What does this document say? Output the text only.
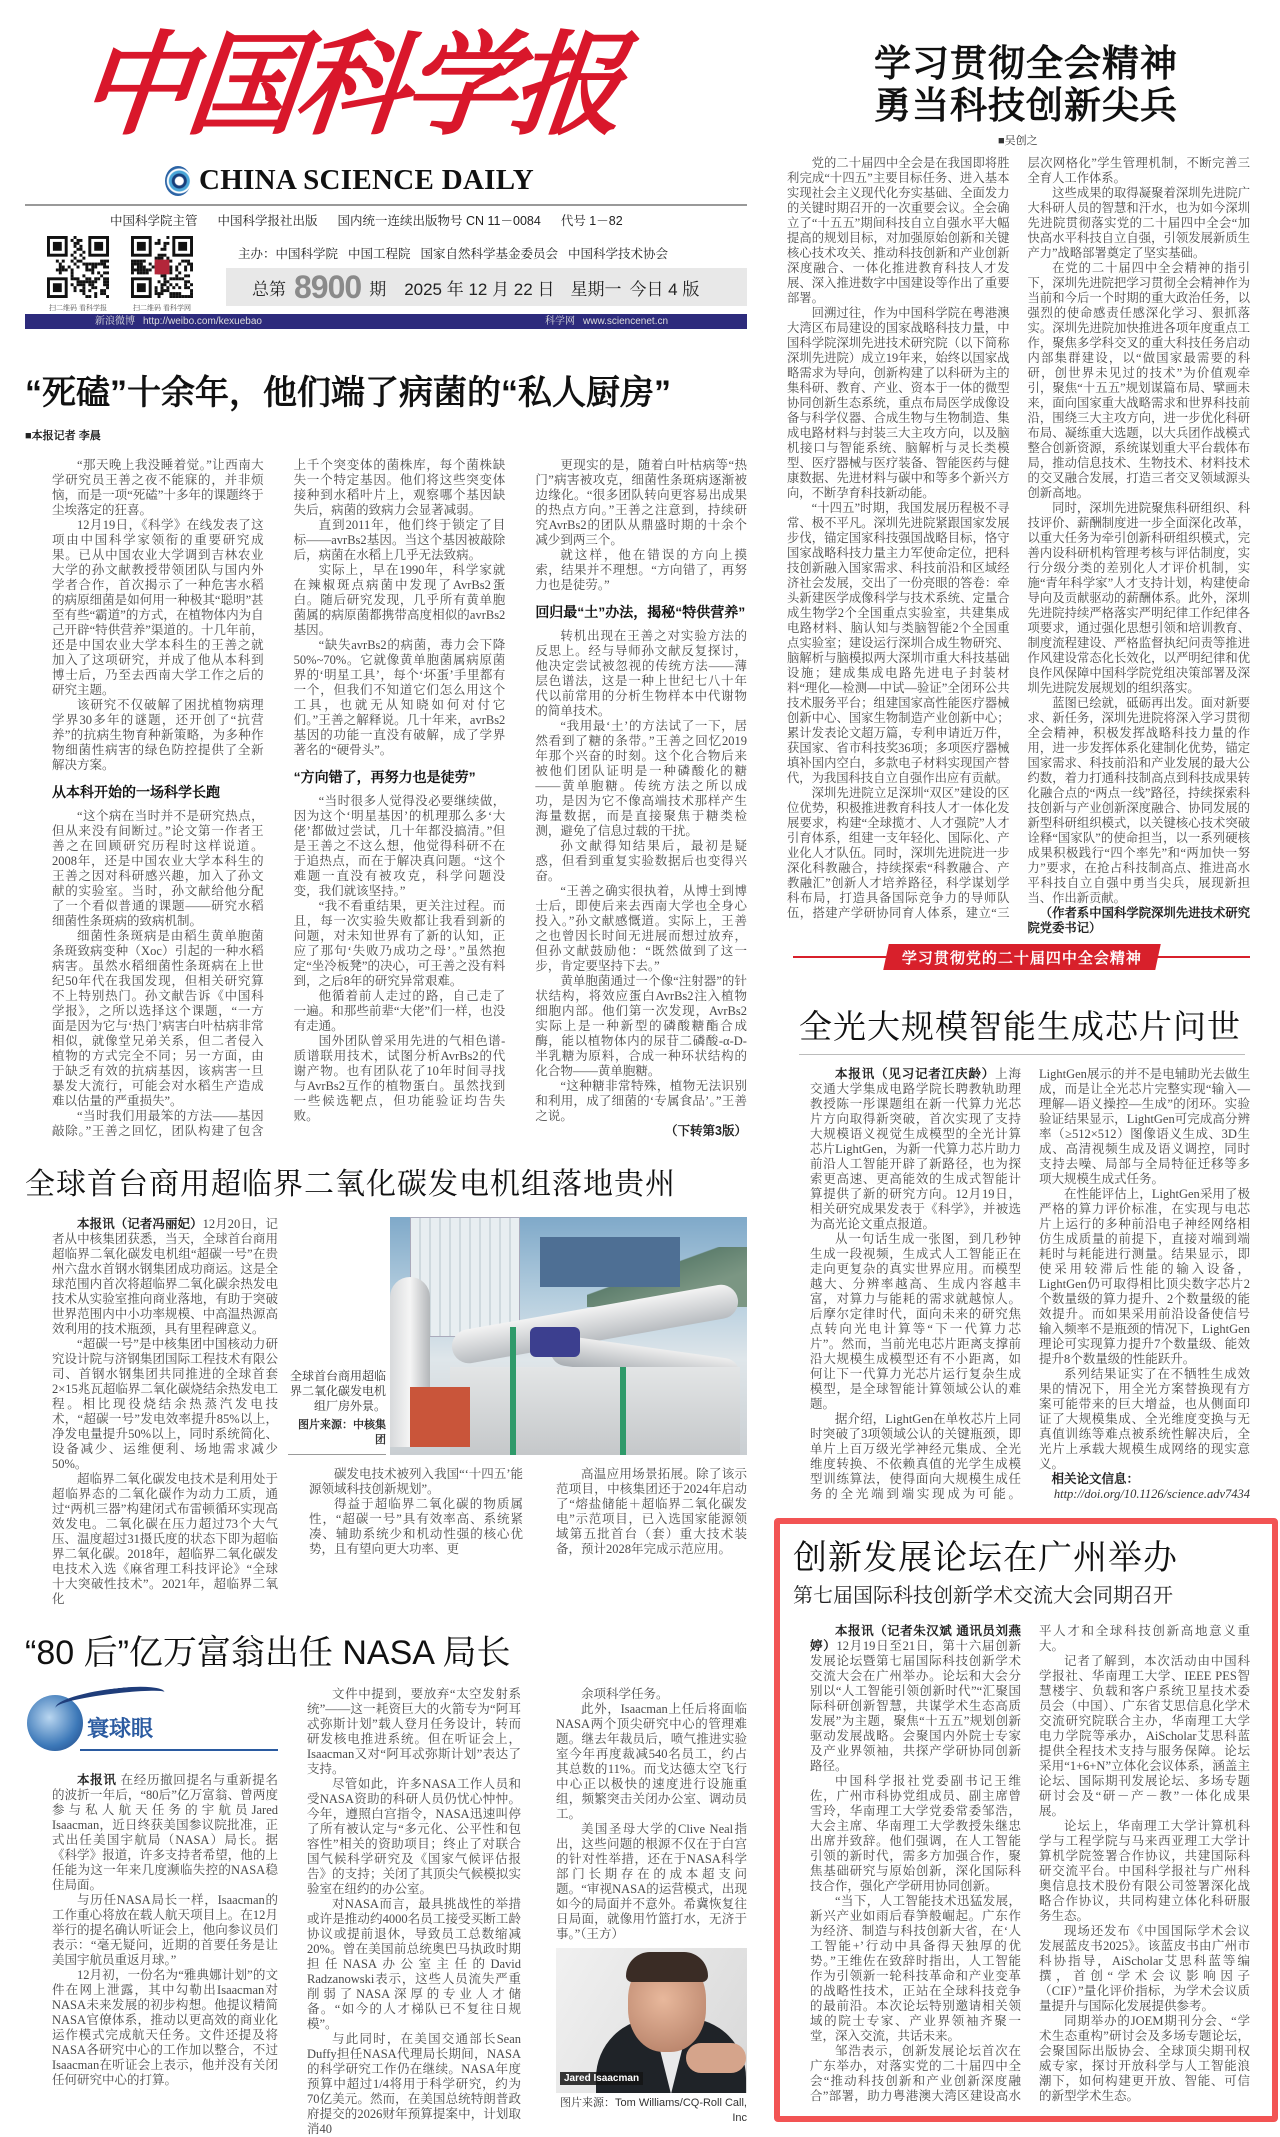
中国科学报
CHINA SCIENCE DAILY
中国科学院主管 中国科学报社出版 国内统一连续出版物号 CN 11－0084 代号 1－82
扫二维码 看科学报	扫二维码 看科学网
主办：中国科学院 中国工程院 国家自然科学基金委员会 中国科学技术协会
总第 8900 期 2025 年 12 月 22 日 星期一 今日 4 版
新浪微博 http://weibo.com/kexuebao	科学网 www.sciencenet.cn
“死磕”十余年，他们端了病菌的“私人厨房”
■本报记者 李晨

“那天晚上我没睡着觉。”让西南大学研究员王善之夜不能寐的，并非烦恼，而是一项“死磕”十多年的课题终于尘埃落定的狂喜。

12月19日，《科学》在线发表了这项由中国科学家领衔的重要研究成果。已从中国农业大学调到吉林农业大学的孙文献教授带领团队与国内外学者合作，首次揭示了一种危害水稻的病原细菌是如何用一种极其“聪明”甚至有些“霸道”的方式，在植物体内为自己开辟“特供营养”渠道的。十几年前，还是中国农业大学本科生的王善之就加入了这项研究，并成了他从本科到博士后，乃至去西南大学工作之后的研究主题。

该研究不仅破解了困扰植物病理学界30多年的谜题，还开创了“抗营养”的抗病生物育种新策略，为多种作物细菌性病害的绿色防控提供了全新解决方案。

从本科开始的一场科学长跑

“这个病在当时并不是研究热点，但从来没有间断过。”论文第一作者王善之在回顾研究历程时这样说道。2008年，还是中国农业大学本科生的王善之因对科研感兴趣，加入了孙文献的实验室。当时，孙文献给他分配了一个看似普通的课题——研究水稻细菌性条斑病的致病机制。

细菌性条斑病是由稻生黄单胞菌条斑致病变种（Xoc）引起的一种水稻病害。虽然水稻细菌性条斑病在上世纪50年代在我国发现，但相关研究算不上特别热门。孙文献告诉《中国科学报》，之所以选择这个课题，“一方面是因为它与‘热门’病害白叶枯病非常相似，就像堂兄弟关系，但二者侵入植物的方式完全不同；另一方面，由于缺乏有效的抗病基因，该病害一旦暴发大流行，可能会对水稻生产造成难以估量的严重损失”。

“当时我们用最笨的方法——基因敲除。”王善之回忆，团队构建了包含上千个突变体的菌株库，每个菌株缺失一个特定基因。他们将这些突变体接种到水稻叶片上，观察哪个基因缺失后，病菌的致病力会显著减弱。

直到2011年，他们终于锁定了目标——avrBs2基因。当这个基因被敲除后，病菌在水稻上几乎无法致病。

实际上，早在1990年，科学家就在辣椒斑点病菌中发现了AvrBs2蛋白。随后研究发现，几乎所有黄单胞菌属的病原菌都携带高度相似的avrBs2基因。

“缺失avrBs2的病菌，毒力会下降50%~70%。它就像黄单胞菌属病原菌界的‘明星工具’，每个‘坏蛋’手里都有一个，但我们不知道它们怎么用这个工具，也就无从知晓如何对付它们。”王善之解释说。几十年来，avrBs2基因的功能一直没有破解，成了学界著名的“硬骨头”。

“方向错了，再努力也是徒劳”

“当时很多人觉得没必要继续做，因为这个‘明星基因’的机理那么多‘大佬’都做过尝试，几十年都没搞清。”但是王善之不这么想，他觉得科研不在于追热点，而在于解决真问题。“这个难题一直没有被攻克，科学问题没变，我们就该坚持。”

“我不看重结果，更关注过程。而且，每一次实验失败都让我看到新的问题，对未知世界有了新的认知，正应了那句‘失败乃成功之母’。”虽然抱定“坐冷板凳”的决心，可王善之没有料到，之后8年的研究异常艰难。

他循着前人走过的路，自己走了一遍。和那些前辈“大佬”们一样，也没有走通。

国外团队曾采用先进的气相色谱-质谱联用技术，试图分析AvrBs2的代谢产物。也有团队花了10年时间寻找与AvrBs2互作的植物蛋白。虽然找到一些候选靶点，但功能验证均告失败。

更现实的是，随着白叶枯病等“热门”病害被攻克，细菌性条斑病逐渐被边缘化。“很多团队转向更容易出成果的热点方向。”王善之注意到，持续研究AvrBs2的团队从鼎盛时期的十余个减少到两三个。

就这样，他在错误的方向上摸索，结果并不理想。“方向错了，再努力也是徒劳。”

回归最“土”办法，揭秘“特供营养”

转机出现在王善之对实验方法的反思上。经与导师孙文献反复探讨，他决定尝试被忽视的传统方法——薄层色谱法，这是一种上世纪七八十年代以前常用的分析生物样本中代谢物的简单技术。

“我用最‘土’的方法试了一下，居然看到了糖的条带。”王善之回忆2019年那个兴奋的时刻。这个化合物后来被他们团队证明是一种磷酸化的糖——黄单胞糖。传统方法之所以成功，是因为它不像高端技术那样产生海量数据，而是直接聚焦于糖类检测，避免了信息过载的干扰。

孙文献得知结果后，最初是疑惑，但看到重复实验数据后也变得兴奋。

“王善之确实很执着，从博士到博士后，即使后来去西南大学也全身心投入。”孙文献感慨道。实际上，王善之也曾因长时间无进展而想过放弃，但孙文献鼓励他：“既然做到了这一步，肯定要坚持下去。”

黄单胞菌通过一个像“注射器”的针状结构，将效应蛋白AvrBs2注入植物细胞内部。他们第一次发现，AvrBs2实际上是一种新型的磷酸糖酯合成酶，能以植物体内的尿苷二磷酸-α-D-半乳糖为原料，合成一种环状结构的化合物——黄单胞糖。

“这种糖非常特殊，植物无法识别和利用，成了细菌的‘专属食品’。”王善之说。

（下转第3版）

全球首台商用超临界二氧化碳发电机组落地贵州

本报讯（记者冯丽妃）12月20日，记者从中核集团获悉，当天，全球首台商用超临界二氧化碳发电机组“超碳一号”在贵州六盘水首钢水钢集团成功商运。这是全球范围内首次将超临界二氧化碳余热发电技术从实验室推向商业落地，有助于突破世界范围内中小功率规模、中高温热源高效利用的技术瓶颈，具有里程碑意义。

“超碳一号”是中核集团中国核动力研究设计院与济钢集团国际工程技术有限公司、首钢水钢集团共同推进的全球首套2×15兆瓦超临界二氧化碳烧结余热发电工程。相比现役烧结余热蒸汽发电技术，“超碳一号”发电效率提升85%以上，净发电量提升50%以上，同时系统简化、设备减少、运维便利、场地需求减少50%。

超临界二氧化碳发电技术是利用处于超临界态的二氧化碳作为动力工质，通过“两机三器”构建闭式布雷顿循环实现高效发电。二氧化碳在压力超过73个大气压、温度超过31摄氏度的状态下即为超临界二氧化碳。2018年，超临界二氧化碳发电技术入选《麻省理工科技评论》“全球十大突破性技术”。2021年，超临界二氧化

全球首台商用超临界二氧化碳发电机组厂房外景。
图片来源：中核集团

碳发电技术被列入我国“‘十四五’能源领域科技创新规划”。

得益于超临界二氧化碳的物质属性，“超碳一号”具有效率高、系统紧凑、辅助系统少和机动性强的核心优势，且有望向更大功率、更

高温应用场景拓展。除了该示范项目，中核集团还于2024年启动了“熔盐储能＋超临界二氧化碳发电”示范项目，已入选国家能源领域第五批首台（套）重大技术装备，预计2028年完成示范应用。

“80 后”亿万富翁出任 NASA 局长
寰球眼

本报讯 在经历撤回提名与重新提名的波折一年后，“80后”亿万富翁、曾两度参与私人航天任务的宇航员Jared Isaacman，近日终获美国参议院批准，正式出任美国宇航局（NASA）局长。据《科学》报道，许多支持者希望，他的上任能为这一年来几度濒临失控的NASA稳住局面。

与历任NASA局长一样，Isaacman的工作重心将放在载人航天项目上。在12月举行的提名确认听证会上，他向参议员们表示：“毫无疑问，近期的首要任务是让美国宇航员重返月球。”

12月初，一份名为“雅典娜计划”的文件在网上泄露，其中勾勒出Isaacman对NASA未来发展的初步构想。他提议精简NASA官僚体系，推动以更高效的商业化运作模式完成航天任务。文件还提及将NASA各研究中心的工作加以整合，不过Isaacman在听证会上表示，他并没有关闭任何研究中心的打算。

文件中提到，要放弃“太空发射系统”——这一耗资巨大的火箭专为“阿耳忒弥斯计划”载人登月任务设计，转而研发核电推进系统。但在听证会上，Isaacman又对“阿耳忒弥斯计划”表达了支持。

尽管如此，许多NASA工作人员和受NASA资助的科研人员仍忧心忡忡。今年，遵照白宫指令，NASA迅速叫停了所有被认定与“多元化、公平性和包容性”相关的资助项目；终止了对联合国气候科学研究及《国家气候评估报告》的支持；关闭了其顶尖气候模拟实验室在纽约的办公室。

对NASA而言，最具挑战性的举措或许是推动约4000名员工接受买断工龄协议或提前退休，导致员工总数缩减20%。曾在美国前总统奥巴马执政时期担任NASA办公室主任的David Radzanowski表示，这些人员流失严重削弱了NASA深厚的专业人才储备。“如今的人才梯队已不复往日规模”。

与此同时，在美国交通部长Sean Duffy担任NASA代理局长期间，NASA的科学研究工作仍在继续。NASA年度预算中超过1/4将用于科学研究，约为70亿美元。然而，在美国总统特朗普政府提交的2026财年预算提案中，计划取消40

余项科学任务。

此外，Isaacman上任后将面临NASA两个顶尖研究中心的管理难题。继去年裁员后，喷气推进实验室今年再度裁减540名员工，约占其总数的11%。而戈达德太空飞行中心正以极快的速度进行设施重组，频繁突击关闭办公室、调动员工。

美国圣母大学的Clive Neal指出，这些问题的根源不仅在于白宫的针对性举措，还在于NASA科学部门长期存在的成本超支问题。“审视NASA的运营模式，出现如今的局面并不意外。希冀恢复往日局面，就像用竹篮打水，无济于事。”（王方）

Jared Isaacman
图片来源：Tom Williams/CQ-Roll Call, Inc
学习贯彻全会精神
勇当科技创新尖兵
■吴创之

党的二十届四中全会是在我国即将胜利完成“十四五”主要目标任务、进入基本实现社会主义现代化夯实基础、全面发力的关键时期召开的一次重要会议。全会确立了“十五五”期间科技自立自强水平大幅提高的规划目标，对加强原始创新和关键核心技术攻关、推动科技创新和产业创新深度融合、一体化推进教育科技人才发展、深入推进数字中国建设等作出了重要部署。

回溯过往，作为中国科学院在粤港澳大湾区布局建设的国家战略科技力量，中国科学院深圳先进技术研究院（以下简称深圳先进院）成立19年来，始终以国家战略需求为导向，创新构建了以科研为主的集科研、教育、产业、资本于一体的微型协同创新生态系统，重点布局医学成像设备与科学仪器、合成生物与生物制造、集成电路材料与封装三大主攻方向，以及脑机接口与智能系统、脑解析与灵长类模型、医疗器械与医疗装备、智能医药与健康数据、先进材料与碳中和等多个新兴方向，不断孕育科技新动能。

“十四五”时期，我国发展历程极不寻常、极不平凡。深圳先进院紧跟国家发展步伐，锚定国家科技强国战略目标，恪守国家战略科技力量主力军使命定位，把科技创新融入国家需求、科技前沿和区域经济社会发展，交出了一份亮眼的答卷：牵头新建医学成像科学与技术系统、定量合成生物学2个全国重点实验室，共建集成电路材料、脑认知与类脑智能2个全国重点实验室；建设运行深圳合成生物研究、脑解析与脑模拟两大深圳市重大科技基础设施；建成集成电路先进电子封装材料“理化—检测—中试—验证”全闭环公共技术服务平台；组建国家高性能医疗器械创新中心、国家生物制造产业创新中心；累计发表论文超万篇，专利申请近万件，获国家、省市科技奖36项；多项医疗器械填补国内空白，多款电子材料实现国产替代，为我国科技自立自强作出应有贡献。

深圳先进院立足深圳“双区”建设的区位优势，积极推进教育科技人才一体化发展要求，构建“全球揽才、人才强院”人才引育体系，组建一支年轻化、国际化、产业化人才队伍。同时，深圳先进院进一步深化科教融合，持续探索“科教融合、产教融汇”创新人才培养路径，科学谋划学科布局，打造具备国际竞争力的导师队伍，搭建产学研协同育人体系，建立“三层次网格化”学生管理机制，不断完善三全育人工作体系。

这些成果的取得凝聚着深圳先进院广大科研人员的智慧和汗水，也为如今深圳先进院贯彻落实党的二十届四中全会“加快高水平科技自立自强，引领发展新质生产力”战略部署奠定了坚实基础。

在党的二十届四中全会精神的指引下，深圳先进院把学习贯彻全会精神作为当前和今后一个时期的重大政治任务，以强烈的使命感责任感深化学习、狠抓落实。深圳先进院加快推进各项年度重点工作，聚焦多学科交叉的重大科技任务启动内部集群建设，以“做国家最需要的科研，创世界未见过的技术”为价值观牵引，聚焦“十五五”规划谋篇布局、擘画未来，面向国家重大战略需求和世界科技前沿，围绕三大主攻方向，进一步优化科研布局、凝练重大选题，以大兵团作战模式整合创新资源，系统谋划重大平台载体布局，推动信息技术、生物技术、材料技术的交叉融合发展，打造三者交叉领域源头创新高地。

同时，深圳先进院聚焦科研组织、科技评价、薪酬制度进一步全面深化改革，以重大任务为牵引创新科研组织模式，完善内设科研机构管理考核与评估制度，实行分级分类的差别化人才评价机制，实施“青年科学家”人才支持计划，构建使命导向及贡献驱动的薪酬体系。此外，深圳先进院持续严格落实严明纪律工作纪律各项要求，通过强化思想引领和培训教育、制度流程建设、严格监督执纪问责等推进作风建设常态化长效化，以严明纪律和优良作风保障中国科学院党组决策部署及深圳先进院发展规划的组织落实。

蓝图已绘就，砥砺再出发。面对新要求、新任务，深圳先进院将深入学习贯彻全会精神，积极发挥战略科技力量的作用，进一步发挥体系化建制化优势，锚定国家需求、科技前沿和产业发展的最大公约数，着力打通科技制高点到科技成果转化融合点的“两点一线”路径，持续探索科技创新与产业创新深度融合、协同发展的新型科研组织模式，以关键核心技术突破诠释“国家队”的使命担当，以一系列硬核成果积极践行“四个率先”和“两加快一努力”要求，在抢占科技制高点、推进高水平科技自立自强中勇当尖兵，展现新担当、作出新贡献。

（作者系中国科学院深圳先进技术研究院党委书记）

学习贯彻党的二十届四中全会精神
全光大规模智能生成芯片问世

本报讯（见习记者江庆龄）上海交通大学集成电路学院长聘教轨助理教授陈一彤课题组在新一代算力光芯片方向取得新突破，首次实现了支持大规模语义视觉生成模型的全光计算芯片LightGen，为新一代算力芯片助力前沿人工智能开辟了新路径，也为探索更高速、更高能效的生成式智能计算提供了新的研究方向。12月19日，相关研究成果发表于《科学》，并被选为高光论文重点报道。

从一句话生成一张图，到几秒钟生成一段视频，生成式人工智能正在走向更复杂的真实世界应用。而模型越大、分辨率越高、生成内容越丰富，对算力与能耗的需求就越惊人。后摩尔定律时代，面向未来的研究焦点转向光电计算等“下一代算力芯片”。然而，当前光电芯片距离支撑前沿大规模生成模型还有不小距离，如何让下一代算力光芯片运行复杂生成模型，是全球智能计算领域公认的难题。

据介绍，LightGen在单枚芯片上同时突破了3项领域公认的关键瓶颈，即单片上百万级光学神经元集成、全光维度转换、不依赖真值的光学生成模型训练算法，使得面向大规模生成任务的全光端到端实现成为可能。LightGen展示的并不是电辅助光去做生成，而是让全光芯片完整实现“输入—理解—语义操控—生成”的闭环。实验验证结果显示，LightGen可完成高分辨率（≥512×512）图像语义生成、3D生成、高清视频生成及语义调控，同时支持去噪、局部与全局特征迁移等多项大规模生成式任务。

在性能评估上，LightGen采用了极严格的算力评价标准，在实现与电芯片上运行的多种前沿电子神经网络相仿生成质量的前提下，直接对端到端耗时与耗能进行测量。结果显示，即使采用较滞后性能的输入设备，LightGen仍可取得相比顶尖数字芯片2个数量级的算力提升、2个数量级的能效提升。而如果采用前沿设备使信号输入频率不是瓶颈的情况下，LightGen理论可实现算力提升7个数量级、能效提升8个数量级的性能跃升。

系列结果证实了在不牺牲生成效果的情况下，用全光方案替换现有方案可能带来的巨大增益，也从侧面印证了大规模集成、全光维度变换与无真值训练等难点被系统性解决后，全光片上承载大规模生成网络的现实意义。

相关论文信息：

http://doi.org/10.1126/science.adv7434

创新发展论坛在广州举办
第七届国际科技创新学术交流大会同期召开

本报讯（记者朱汉斌 通讯员刘燕婷）12月19日至21日，第十六届创新发展论坛暨第七届国际科技创新学术交流大会在广州举办。论坛和大会分别以“人工智能引领创新时代”“汇聚国际科研创新智慧，共谋学术生态高质发展”为主题，聚焦“十五五”规划创新驱动发展战略。会聚国内外院士专家及产业界领袖，共探产学研协同创新路径。

中国科学报社党委副书记王维佐，广州市科协党组成员、副主席曾雪玲，华南理工大学党委常委邹浩，大会主席、华南理工大学教授朱继忠出席并致辞。他们强调，在人工智能引领的新时代，需多方加强合作，聚焦基础研究与原始创新，深化国际科技合作，强化产学研用协同创新。

“当下，人工智能技术迅猛发展，新兴产业如雨后春笋般崛起。广东作为经济、制造与科技创新大省，在‘人工智能+’行动中具备得天独厚的优势。”王维佐在致辞时指出，人工智能作为引领新一轮科技革命和产业变革的战略性技术，正站在全球科技竞争的最前沿。本次论坛特别邀请相关领域的院士专家、产业界领袖齐聚一堂，深入交流，共话未来。

邹浩表示，创新发展论坛首次在广东举办，对落实党的二十届四中全会“推动科技创新和产业创新深度融合”部署，助力粤港澳大湾区建设高水平人才和全球科技创新高地意义重大。

记者了解到，本次活动由中国科学报社、华南理工大学、IEEE PES智慧楼宇、负载和客户系统卫星技术委员会（中国）、广东省艾思信息化学术交流研究院联合主办，华南理工大学电力学院等承办，AiScholar艾思科蓝提供全程技术支持与服务保障。论坛采用“1+6+N”立体化会议体系，涵盖主论坛、国际期刊发展论坛、多场专题研讨会及“研－产－教”一体化成果展。

论坛上，华南理工大学计算机科学与工程学院与马来西亚理工大学计算机学院签署合作协议，共建国际科研交流平台。中国科学报社与广州科奥信息技术股份有限公司签署深化战略合作协议，共同构建立体化科研服务生态。

现场还发布《中国国际学术会议发展蓝皮书2025》。该蓝皮书由广州市科协指导，AiScholar艾思科蓝等编撰，首创“学术会议影响因子（CIF）”量化评价指标，为学术会议质量提升与国际化发展提供参考。

同期举办的JOEM期刊分会、“学术生态重构”研讨会及多场专题论坛，会聚国际出版协会、全球顶尖期刊权威专家，探讨开放科学与人工智能浪潮下，如何构建更开放、智能、可信的新型学术生态。
